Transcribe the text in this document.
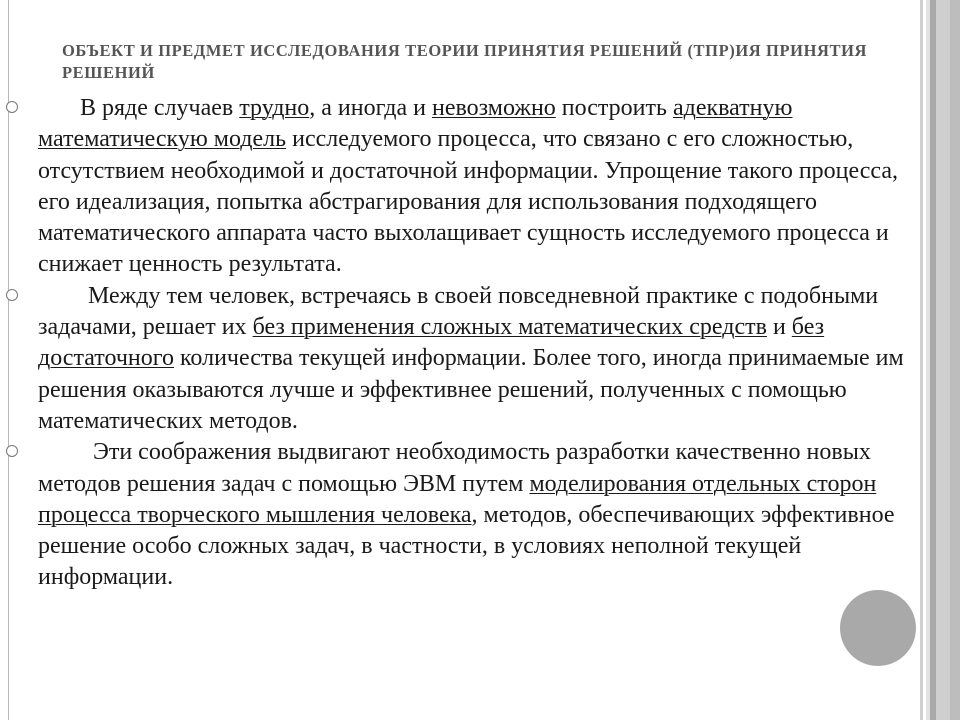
ОБЪЕКТ И ПРЕДМЕТ ИССЛЕДОВАНИЯ ТЕОРИИ ПРИНЯТИЯ РЕШЕНИЙ (ТПР)ИЯ ПРИНЯТИЯ РЕШЕНИЙ
В ряде случаев трудно, а иногда и невозможно построить адекватную математическую модель исследуемого процесса, что связано с его сложностью, отсутствием необходимой и достаточной информации. Упрощение такого процесса, его идеализация, попытка абстрагирования для использования подходящего математического аппарата часто выхолащивает сущность исследуемого процесса и снижает ценность результата.
Между тем человек, встречаясь в своей повседневной практике с подобными задачами, решает их без применения сложных математических средств и без достаточного количества текущей информации. Более того, иногда принимаемые им решения оказываются лучше и эффективнее решений, полученных с помощью математических методов.
Эти соображения выдвигают необходимость разработки качественно новых методов решения задач с помощью ЭВМ путем моделирования отдельных сторон процесса творческого мышления человека, методов, обеспечивающих эффективное решение особо сложных задач, в частности, в условиях неполной текущей информации.
